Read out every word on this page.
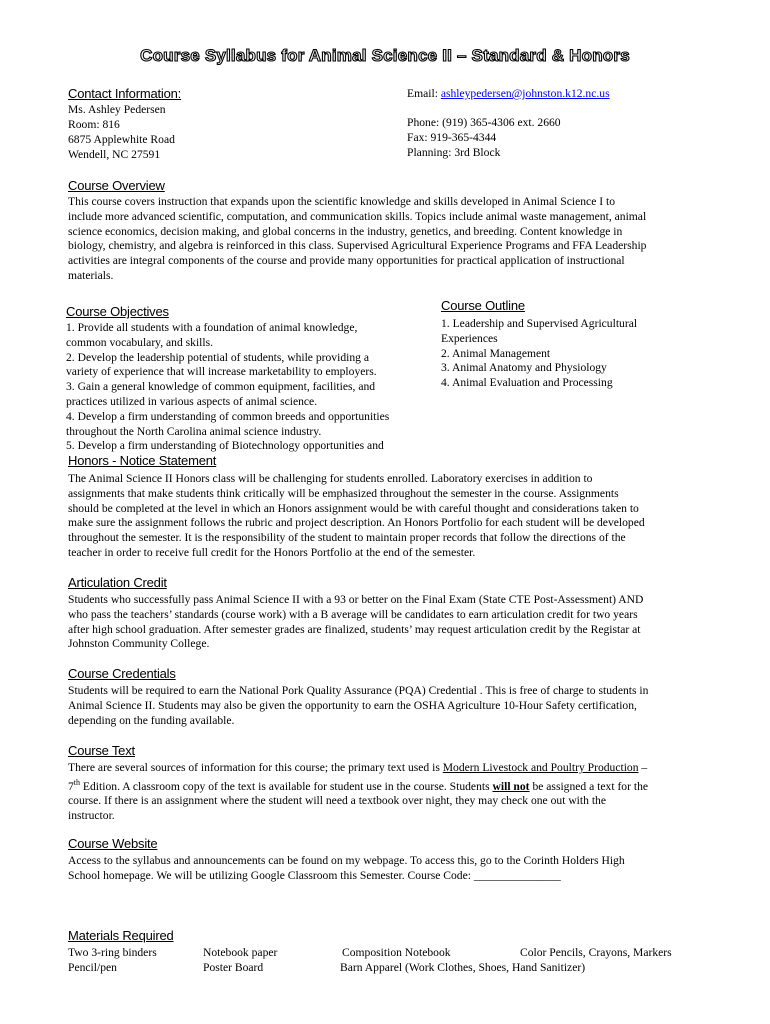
Course Syllabus for Animal Science II – Standard & Honors
Contact Information:
Ms. Ashley Pedersen
Room: 816
6875 Applewhite Road
Wendell, NC 27591
Email: ashleypedersen@johnston.k12.nc.us
Phone: (919) 365-4306 ext. 2660
Fax: 919-365-4344
Planning: 3rd Block
Course Overview
This course covers instruction that expands upon the scientific knowledge and skills developed in Animal Science I to
include more advanced scientific, computation, and communication skills. Topics include animal waste management, animal
science economics, decision making, and global concerns in the industry, genetics, and breeding. Content knowledge in
biology, chemistry, and algebra is reinforced in this class. Supervised Agricultural Experience Programs and FFA Leadership
activities are integral components of the course and provide many opportunities for practical application of instructional
materials.
Course Objectives
1. Provide all students with a foundation of animal knowledge,
common vocabulary, and skills.
2. Develop the leadership potential of students, while providing a
variety of experience that will increase marketability to employers.
3. Gain a general knowledge of common equipment, facilities, and
practices utilized in various aspects of animal science.
4. Develop a firm understanding of common breeds and opportunities
throughout the North Carolina animal science industry.
5. Develop a firm understanding of Biotechnology opportunities and
Course Outline
1. Leadership and Supervised Agricultural
Experiences
2. Animal Management
3. Animal Anatomy and Physiology
4. Animal Evaluation and Processing
Honors - Notice Statement
The Animal Science II Honors class will be challenging for students enrolled. Laboratory exercises in addition to
assignments that make students think critically will be emphasized throughout the semester in the course. Assignments
should be completed at the level in which an Honors assignment would be with careful thought and considerations taken to
make sure the assignment follows the rubric and project description. An Honors Portfolio for each student will be developed
throughout the semester. It is the responsibility of the student to maintain proper records that follow the directions of the
teacher in order to receive full credit for the Honors Portfolio at the end of the semester.
Articulation Credit
Students who successfully pass Animal Science II with a 93 or better on the Final Exam (State CTE Post-Assessment) AND
who pass the teachers’ standards (course work) with a B average will be candidates to earn articulation credit for two years
after high school graduation. After semester grades are finalized, students’ may request articulation credit by the Registar at
Johnston Community College.
Course Credentials
Students will be required to earn the National Pork Quality Assurance (PQA) Credential . This is free of charge to students in
Animal Science II. Students may also be given the opportunity to earn the OSHA Agriculture 10-Hour Safety certification,
depending on the funding available.
Course Text
There are several sources of information for this course; the primary text used is Modern Livestock and Poultry Production –
7th Edition. A classroom copy of the text is available for student use in the course. Students will not be assigned a text for the
course. If there is an assignment where the student will need a textbook over night, they may check one out with the
instructor.
Course Website
Access to the syllabus and announcements can be found on my webpage. To access this, go to the Corinth Holders High
School homepage. We will be utilizing Google Classroom this Semester. Course Code: _______________
Materials Required
Two 3-ring binders	Notebook paper	Composition Notebook	Color Pencils, Crayons, Markers
Pencil/pen	Poster Board	Barn Apparel (Work Clothes, Shoes, Hand Sanitizer)
